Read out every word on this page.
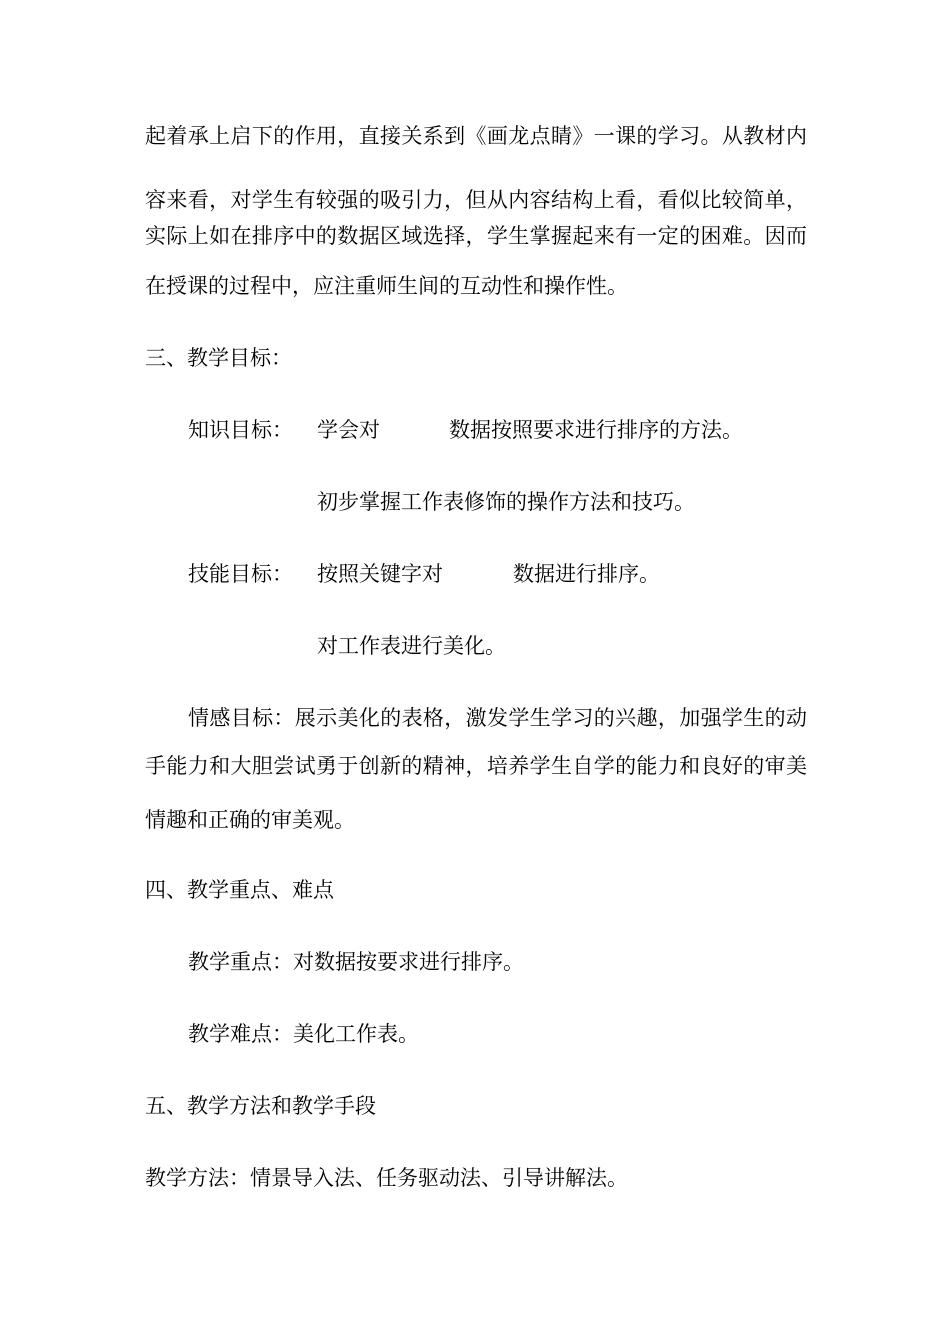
起着承上启下的作用，直接关系到《画龙点睛》一课的学习。从教材内
容来看，对学生有较强的吸引力，但从内容结构上看，看似比较简单，
实际上如在排序中的数据区域选择，学生掌握起来有一定的困难。因而
在授课的过程中，应注重师生间的互动性和操作性。
三、教学目标：
知识目标： 学会对	数据按照要求进行排序的方法。
初步掌握工作表修饰的操作方法和技巧。
技能目标： 按照关键字对	数据进行排序。
对工作表进行美化。
情感目标：展示美化的表格，激发学生学习的兴趣，加强学生的动
手能力和大胆尝试勇于创新的精神，培养学生自学的能力和良好的审美
情趣和正确的审美观。
四、教学重点、难点
教学重点：对数据按要求进行排序。
教学难点：美化工作表。
五、教学方法和教学手段
教学方法：情景导入法、任务驱动法、引导讲解法。
